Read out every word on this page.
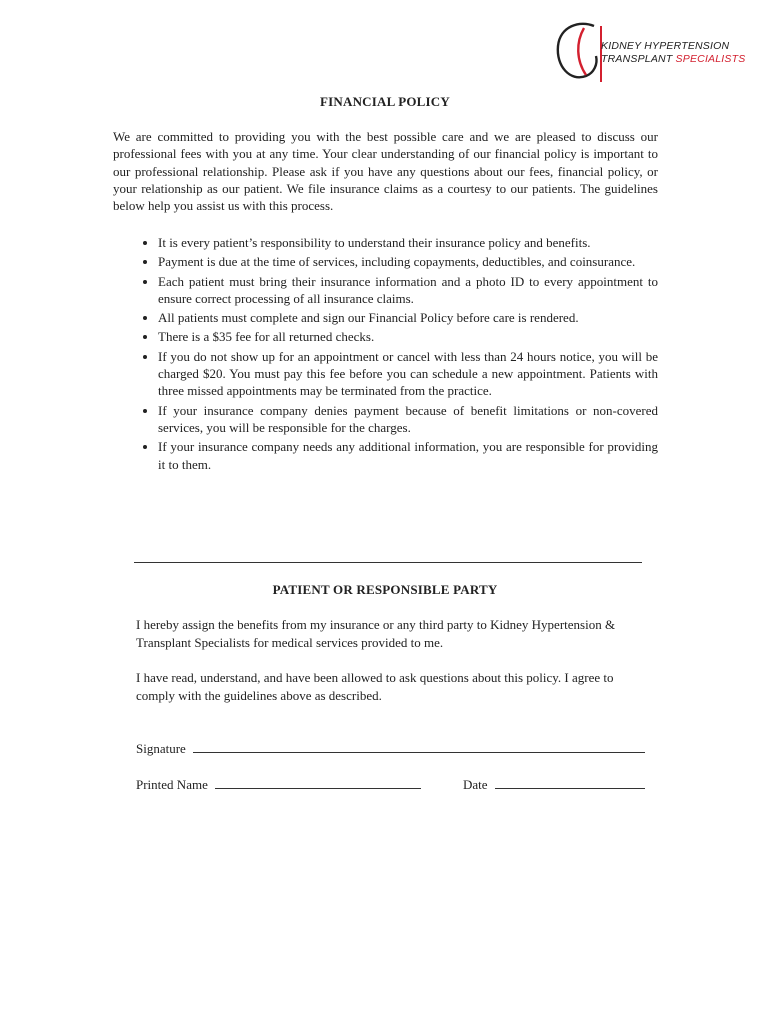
KIDNEY HYPERTENSION
TRANSPLANT SPECIALISTS
FINANCIAL POLICY

We are committed to providing you with the best possible care and we are pleased to discuss our professional fees with you at any time. Your clear understanding of our financial policy is important to our professional relationship. Please ask if you have any questions about our fees, financial policy, or your relationship as our patient. We file insurance claims as a courtesy to our patients. The guidelines below help you assist us with this process.

• It is every patient’s responsibility to understand their insurance policy and benefits.
• Payment is due at the time of services, including copayments, deductibles, and coinsurance.
• Each patient must bring their insurance information and a photo ID to every appointment to ensure correct processing of all insurance claims.
• All patients must complete and sign our Financial Policy before care is rendered.
• There is a $35 fee for all returned checks.
• If you do not show up for an appointment or cancel with less than 24 hours notice, you will be charged $20. You must pay this fee before you can schedule a new appointment. Patients with three missed appointments may be terminated from the practice.
• If your insurance company denies payment because of benefit limitations or non-covered services, you will be responsible for the charges.
• If your insurance company needs any additional information, you are responsible for providing it to them.
PATIENT OR RESPONSIBLE PARTY

I hereby assign the benefits from my insurance or any third party to Kidney Hypertension & Transplant Specialists for medical services provided to me.

I have read, understand, and have been allowed to ask questions about this policy. I agree to comply with the guidelines above as described.

Signature
Printed Name	Date
